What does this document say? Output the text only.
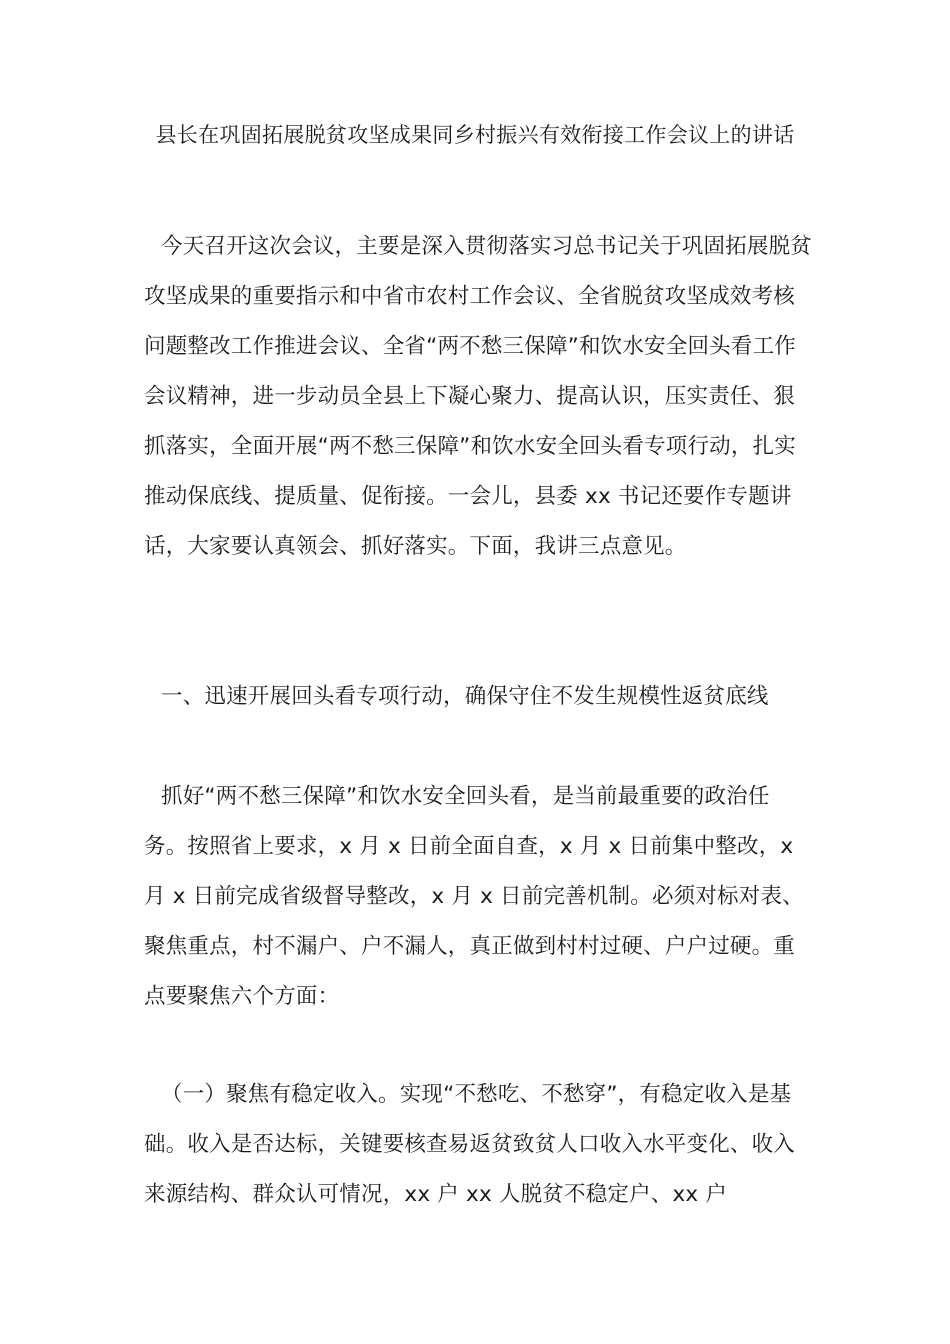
县长在巩固拓展脱贫攻坚成果同乡村振兴有效衔接工作会议上的讲话
今天召开这次会议，主要是深入贯彻落实习总书记关于巩固拓展脱贫攻坚成果的重要指示和中省市农村工作会议、全省脱贫攻坚成效考核问题整改工作推进会议、全省“两不愁三保障”和饮水安全回头看工作会议精神，进一步动员全县上下凝心聚力、提高认识，压实责任、狠抓落实，全面开展“两不愁三保障”和饮水安全回头看专项行动，扎实推动保底线、提质量、促衔接。一会儿，县委 xx 书记还要作专题讲话，大家要认真领会、抓好落实。下面，我讲三点意见。
一、迅速开展回头看专项行动，确保守住不发生规模性返贫底线
抓好“两不愁三保障”和饮水安全回头看，是当前最重要的政治任务。按照省上要求，x 月 x 日前全面自查，x 月 x 日前集中整改，x 月 x 日前完成省级督导整改，x 月 x 日前完善机制。必须对标对表、聚焦重点，村不漏户、户不漏人，真正做到村村过硬、户户过硬。重点要聚焦六个方面：
（一）聚焦有稳定收入。实现“不愁吃、不愁穿”，有稳定收入是基础。收入是否达标，关键要核查易返贫致贫人口收入水平变化、收入来源结构、群众认可情况，xx 户 xx 人脱贫不稳定户、xx 户
